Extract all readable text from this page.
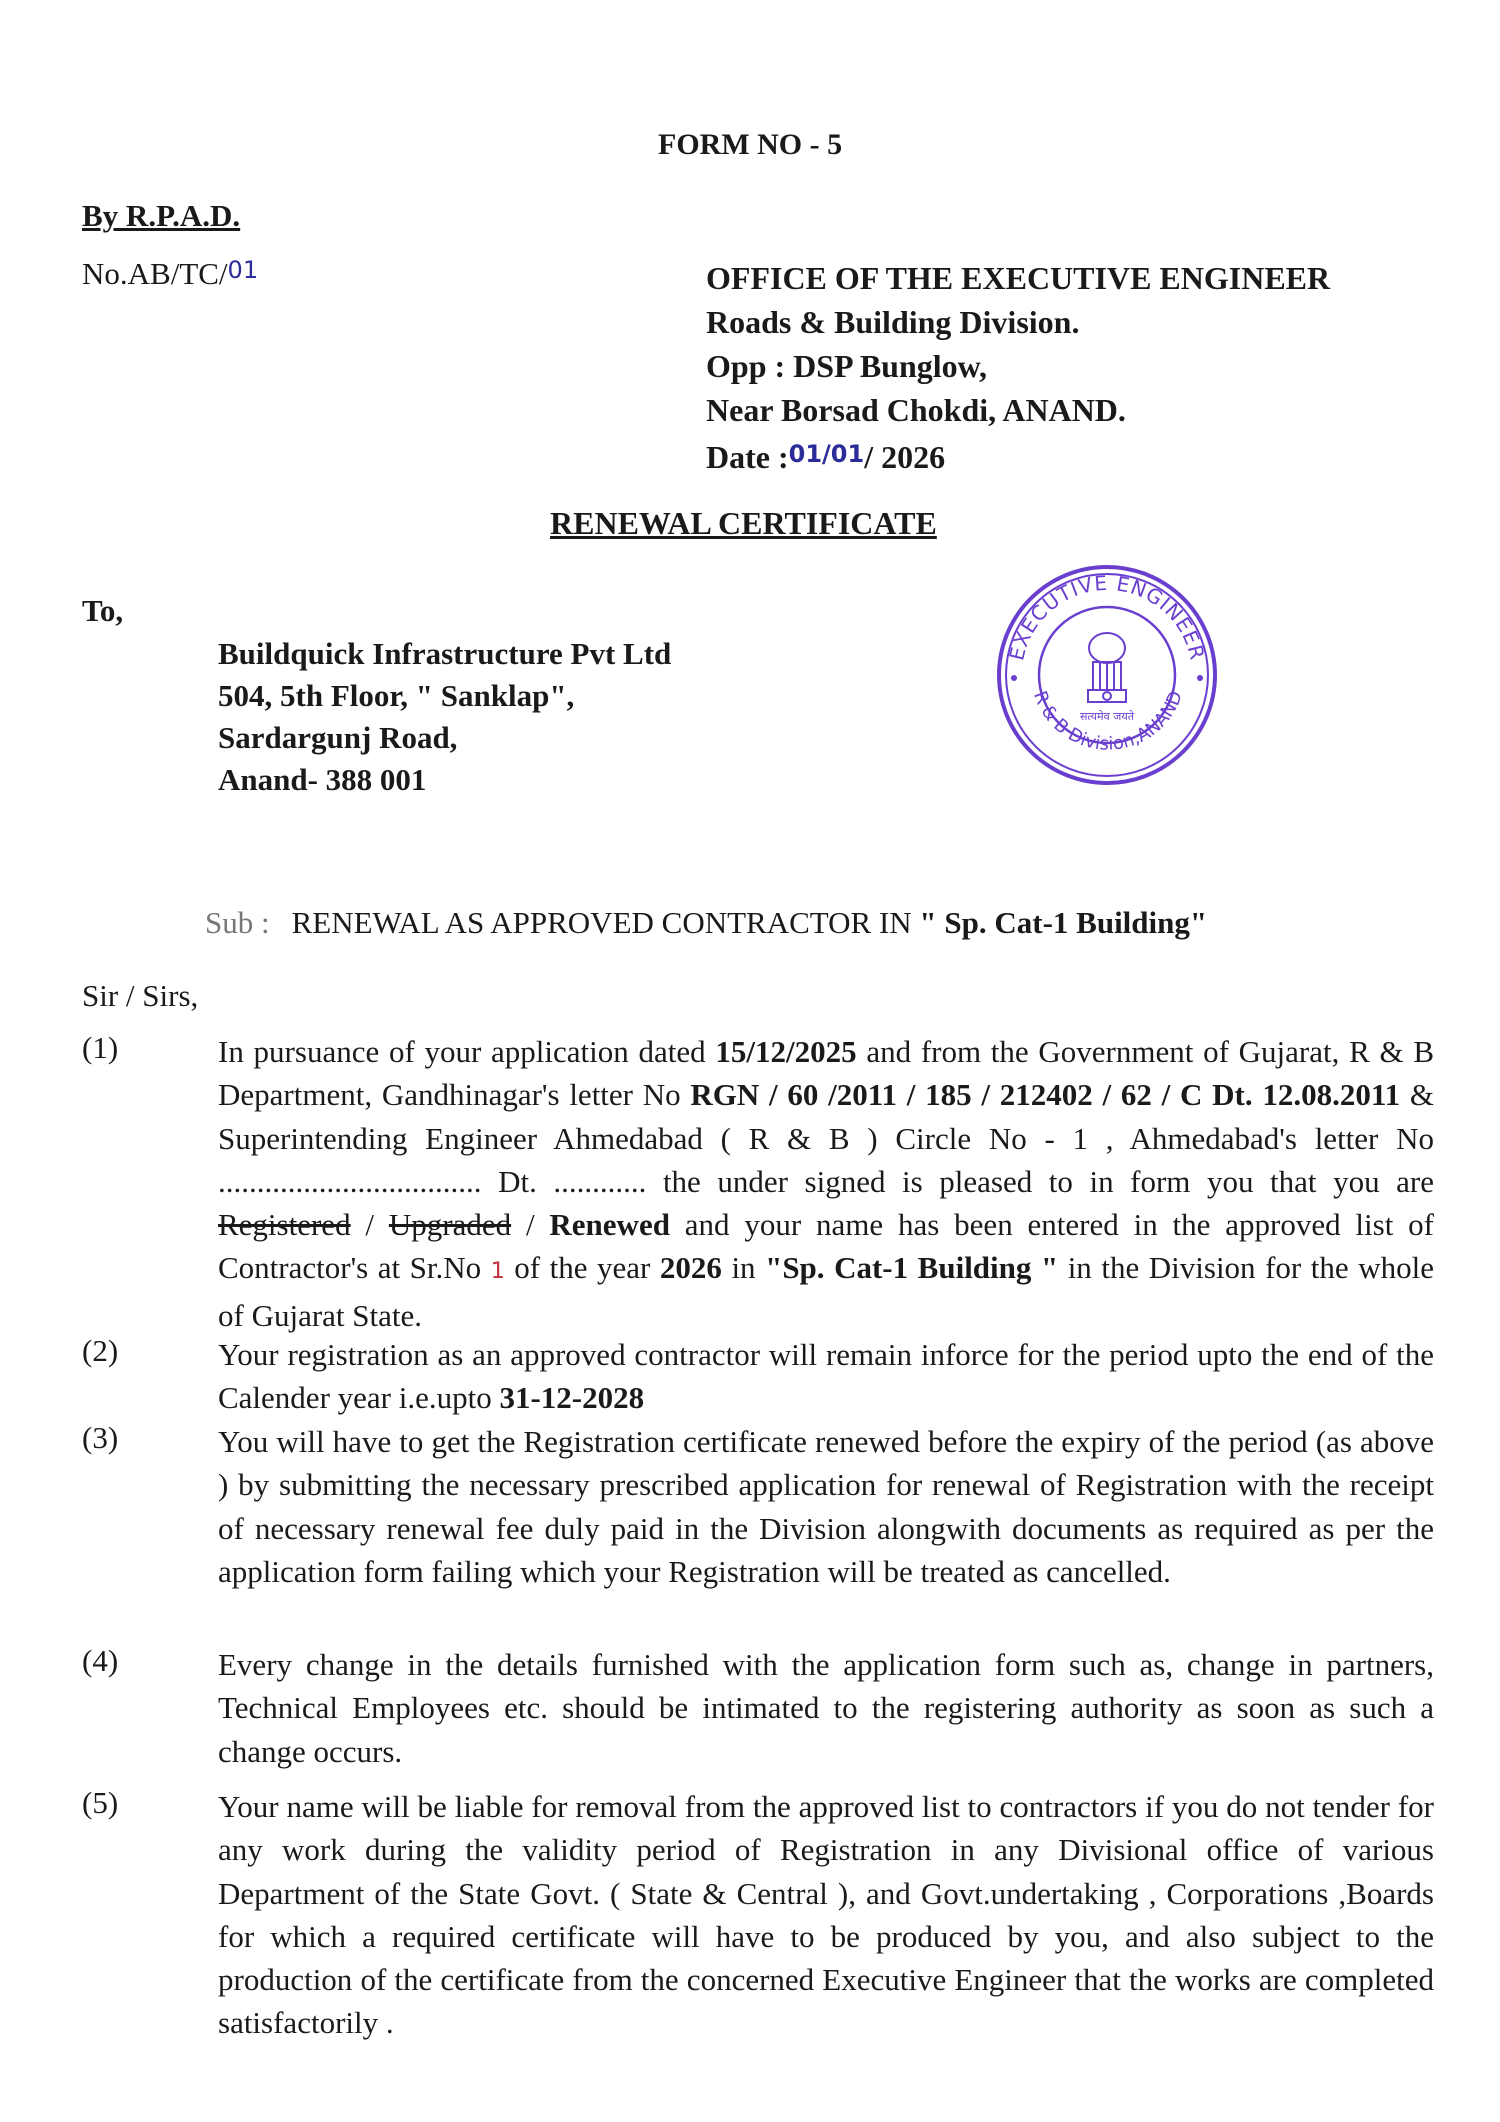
FORM NO - 5
By R.P.A.D.
No.AB/TC/01	OFFICE OF THE EXECUTIVE ENGINEER
Roads & Building Division.
Opp : DSP Bunglow,
Near Borsad Chokdi, ANAND.
Date :01/01/ 2026
RENEWAL CERTIFICATE
To,
Buildquick Infrastructure Pvt Ltd
504, 5th Floor, " Sanklap",
Sardargunj Road,
Anand- 388 001
EXECUTIVE ENGINEER
R & B Division,ANAND
सत्यमेव जयते
Sub : RENEWAL AS APPROVED CONTRACTOR IN " Sp. Cat-1 Building"
Sir / Sirs,
(1)	In pursuance of your application dated 15/12/2025 and from the Government of Gujarat, R & B Department, Gandhinagar's letter No RGN / 60 /2011 / 185 / 212402 / 62 / C Dt. 12.08.2011 & Superintending Engineer Ahmedabad ( R & B ) Circle No - 1 , Ahmedabad's letter No .................................. Dt. ............ the under signed is pleased to in form you that you are Registered / Upgraded / Renewed and your name has been entered in the approved list of Contractor's at Sr.No 1 of the year 2026 in "Sp. Cat-1 Building " in the Division for the whole of Gujarat State.
(2)	Your registration as an approved contractor will remain inforce for the period upto the end of the Calender year i.e.upto 31-12-2028
(3)	You will have to get the Registration certificate renewed before the expiry of the period (as above ) by submitting the necessary prescribed application for renewal of Registration with the receipt of necessary renewal fee duly paid in the Division alongwith documents as required as per the application form failing which your Registration will be treated as cancelled.
(4)	Every change in the details furnished with the application form such as, change in partners, Technical Employees etc. should be intimated to the registering authority as soon as such a change occurs.
(5)	Your name will be liable for removal from the approved list to contractors if you do not tender for any work during the validity period of Registration in any Divisional office of various Department of the State Govt. ( State & Central ), and Govt.undertaking , Corporations ,Boards for which a required certificate will have to be produced by you, and also subject to the production of the certificate from the concerned Executive Engineer that the works are completed satisfactorily .
